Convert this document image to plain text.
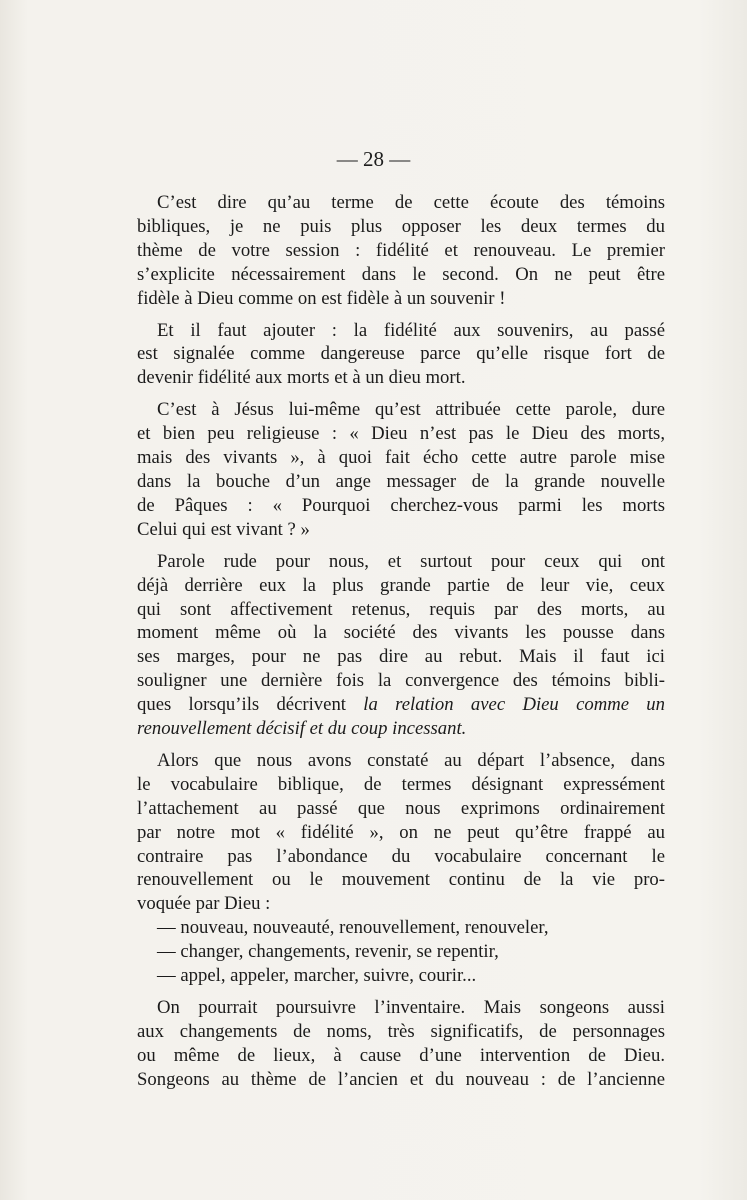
— 28 —

C’est dire qu’au terme de cette écoute des témoins
bibliques, je ne puis plus opposer les deux termes du
thème de votre session : fidélité et renouveau. Le premier
s’explicite nécessairement dans le second. On ne peut être
fidèle à Dieu comme on est fidèle à un souvenir !

Et il faut ajouter : la fidélité aux souvenirs, au passé
est signalée comme dangereuse parce qu’elle risque fort de
devenir fidélité aux morts et à un dieu mort.

C’est à Jésus lui-même qu’est attribuée cette parole, dure
et bien peu religieuse : « Dieu n’est pas le Dieu des morts,
mais des vivants », à quoi fait écho cette autre parole mise
dans la bouche d’un ange messager de la grande nouvelle
de Pâques : « Pourquoi cherchez-vous parmi les morts
Celui qui est vivant ? »

Parole rude pour nous, et surtout pour ceux qui ont
déjà derrière eux la plus grande partie de leur vie, ceux
qui sont affectivement retenus, requis par des morts, au
moment même où la société des vivants les pousse dans
ses marges, pour ne pas dire au rebut. Mais il faut ici
souligner une dernière fois la convergence des témoins bibli-
ques lorsqu’ils décrivent la relation avec Dieu comme un
renouvellement décisif et du coup incessant.

Alors que nous avons constaté au départ l’absence, dans
le vocabulaire biblique, de termes désignant expressément
l’attachement au passé que nous exprimons ordinairement
par notre mot « fidélité », on ne peut qu’être frappé au
contraire pas l’abondance du vocabulaire concernant le
renouvellement ou le mouvement continu de la vie pro-
voquée par Dieu :

— nouveau, nouveauté, renouvellement, renouveler,
— changer, changements, revenir, se repentir,
— appel, appeler, marcher, suivre, courir...

On pourrait poursuivre l’inventaire. Mais songeons aussi
aux changements de noms, très significatifs, de personnages
ou même de lieux, à cause d’une intervention de Dieu.
Songeons au thème de l’ancien et du nouveau : de l’ancienne
